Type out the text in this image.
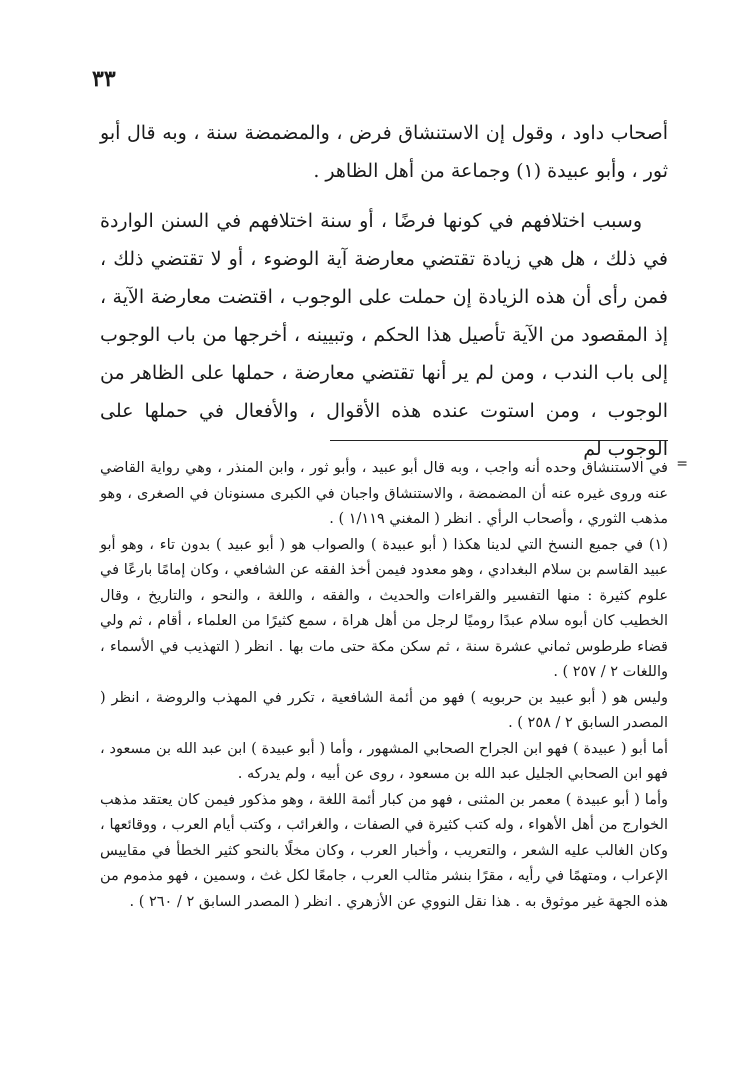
٣٣

أصحاب داود ، وقول إن الاستنشاق فرض ، والمضمضة سنة ، وبه قال أبو ثور ، وأبو عبيدة (١) وجماعة من أهل الظاهر .

وسبب اختلافهم في كونها فرضًا ، أو سنة اختلافهم في السنن الواردة في ذلك ، هل هي زيادة تقتضي معارضة آية الوضوء ، أو لا تقتضي ذلك ، فمن رأى أن هذه الزيادة إن حملت على الوجوب ، اقتضت معارضة الآية ، إذ المقصود من الآية تأصيل هذا الحكم ، وتبيينه ، أخرجها من باب الوجوب إلى باب الندب ، ومن لم ير أنها تقتضي معارضة ، حملها على الظاهر من الوجوب ، ومن استوت عنده هذه الأقوال ، والأفعال في حملها على الوجوب لم

=

في الاستنشاق وحده أنه واجب ، وبه قال أبو عبيد ، وأبو ثور ، وابن المنذر ، وهي رواية القاضي عنه وروى غيره عنه أن المضمضة ، والاستنشاق واجبان في الكبرى مسنونان في الصغرى ، وهو مذهب الثوري ، وأصحاب الرأي . انظر ( المغني ١/١١٩ ) .

(١) في جميع النسخ التي لدينا هكذا ( أبو عبيدة ) والصواب هو ( أبو عبيد ) بدون تاء ، وهو أبو عبيد القاسم بن سلام البغدادي ، وهو معدود فيمن أخذ الفقه عن الشافعي ، وكان إمامًا بارعًا في علوم كثيرة : منها التفسير والقراءات والحديث ، والفقه ، واللغة ، والنحو ، والتاريخ ، وقال الخطيب كان أبوه سلام عبدًا روميًا لرجل من أهل هراة ، سمع كثيرًا من العلماء ، أقام ، ثم ولي قضاء طرطوس ثماني عشرة سنة ، ثم سكن مكة حتى مات بها . انظر ( التهذيب في الأسماء ، واللغات ٢ / ٢٥٧ ) .

وليس هو ( أبو عبيد بن حربويه ) فهو من أئمة الشافعية ، تكرر في المهذب والروضة ، انظر ( المصدر السابق ٢ / ٢٥٨ ) .

أما أبو ( عبيدة ) فهو ابن الجراح الصحابي المشهور ، وأما ( أبو عبيدة ) ابن عبد الله بن مسعود ، فهو ابن الصحابي الجليل عبد الله بن مسعود ، روى عن أبيه ، ولم يدركه .

وأما ( أبو عبيدة ) معمر بن المثنى ، فهو من كبار أئمة اللغة ، وهو مذكور فيمن كان يعتقد مذهب الخوارج من أهل الأهواء ، وله كتب كثيرة في الصفات ، والغرائب ، وكتب أيام العرب ، ووقائعها ، وكان الغالب عليه الشعر ، والتعريب ، وأخبار العرب ، وكان مخلًا بالنحو كثير الخطأ في مقاييس الإعراب ، ومتهمًا في رأيه ، مقرًا بنشر مثالب العرب ، جامعًا لكل غث ، وسمين ، فهو مذموم من هذه الجهة غير موثوق به . هذا نقل النووي عن الأزهري . انظر ( المصدر السابق ٢ / ٢٦٠ ) .
